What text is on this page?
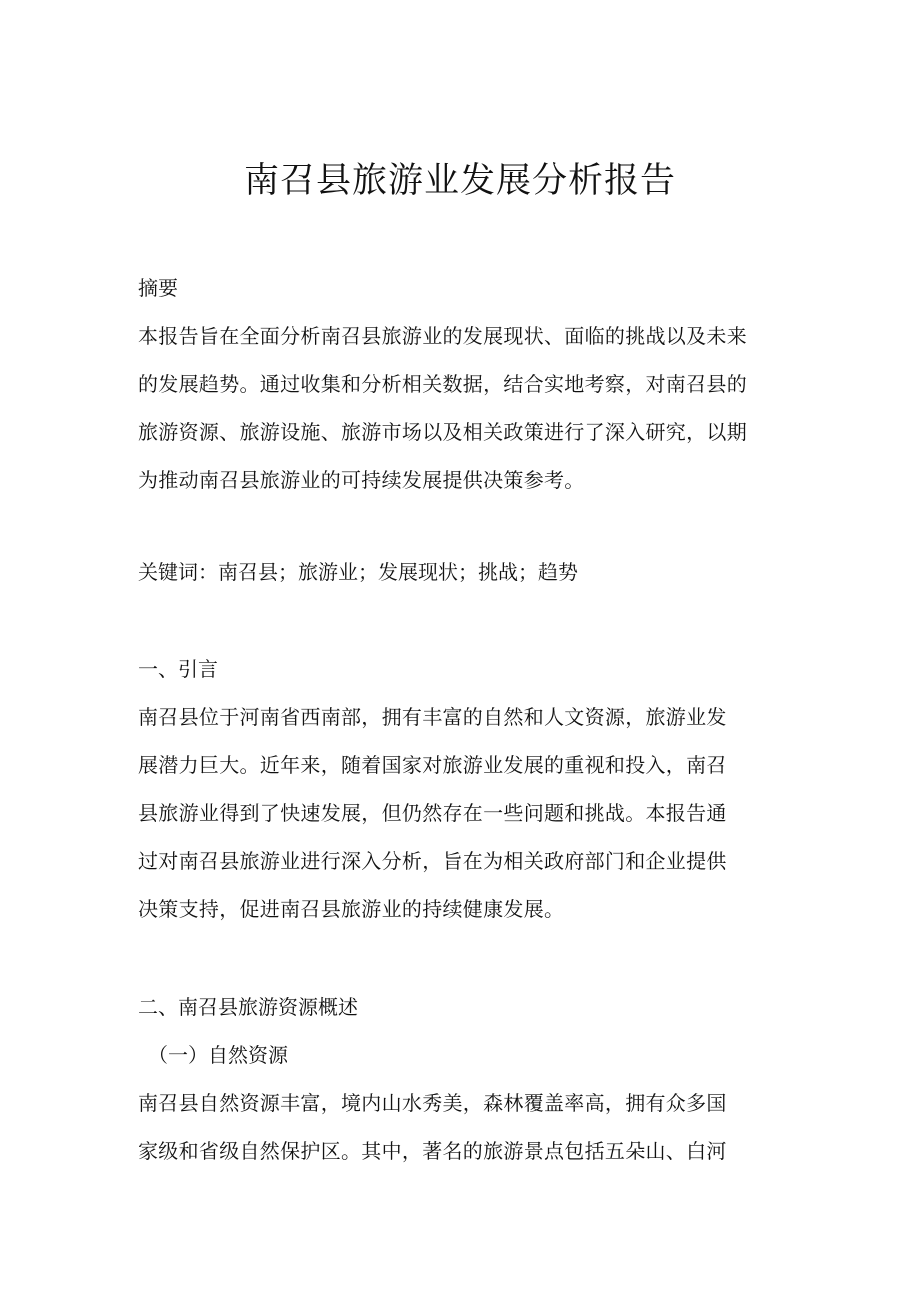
南召县旅游业发展分析报告
摘要
本报告旨在全面分析南召县旅游业的发展现状、面临的挑战以及未来
的发展趋势。通过收集和分析相关数据，结合实地考察，对南召县的
旅游资源、旅游设施、旅游市场以及相关政策进行了深入研究，以期
为推动南召县旅游业的可持续发展提供决策参考。
关键词：南召县；旅游业；发展现状；挑战；趋势
一、引言
南召县位于河南省西南部，拥有丰富的自然和人文资源，旅游业发
展潜力巨大。近年来，随着国家对旅游业发展的重视和投入，南召
县旅游业得到了快速发展，但仍然存在一些问题和挑战。本报告通
过对南召县旅游业进行深入分析，旨在为相关政府部门和企业提供
决策支持，促进南召县旅游业的持续健康发展。
二、南召县旅游资源概述
（一）自然资源
南召县自然资源丰富，境内山水秀美，森林覆盖率高，拥有众多国
家级和省级自然保护区。其中，著名的旅游景点包括五朵山、白河
